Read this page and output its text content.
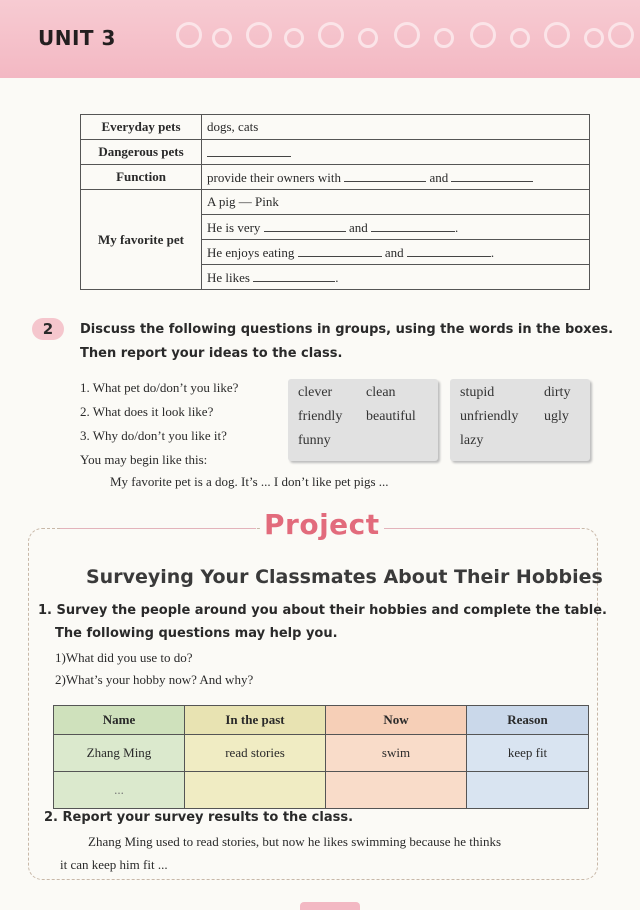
UNIT 3
Everyday pets	dogs, cats
Dangerous pets	
Function	provide their owners with and
My favorite pet	A pig — Pink
	He is very and .
	He enjoys eating and .
	He likes .
2	Discuss the following questions in groups, using the words in the boxes.
Then report your ideas to the class.
1. What pet do/don’t you like?
2. What does it look like?
3. Why do/don’t you like it?
You may begin like this:
My favorite pet is a dog. It’s ... I don’t like pet pigs ...
clever clean
friendly beautiful
funny
stupid	dirty
unfriendly ugly
lazy
Project
Surveying Your Classmates About Their Hobbies
1. Survey the people around you about their hobbies and complete the table.
The following questions may help you.
1)What did you use to do?
2)What’s your hobby now? And why?
Name	In the past	Now	Reason
Zhang Ming	read stories	swim	keep fit
...			
2. Report your survey results to the class.
Zhang Ming used to read stories, but now he likes swimming because he thinks
it can keep him fit ...
